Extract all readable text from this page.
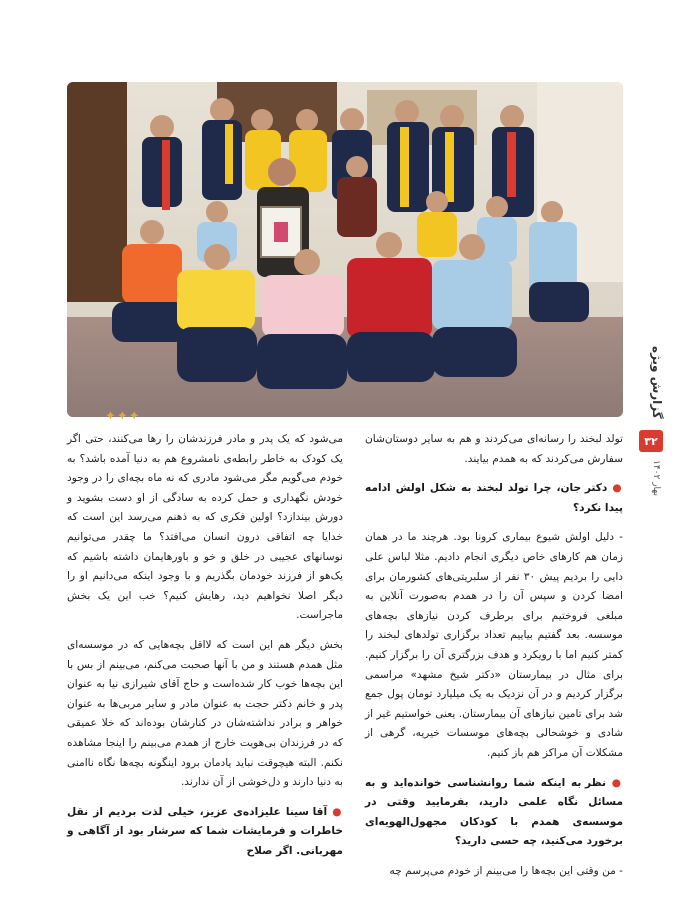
✦✦✦	گزارش ویژه
۳۲
بهار ۱۴۰۲

تولد لبخند را رسانه‌ای می‌کردند و هم به سایر دوستان‌شان سفارش می‌کردند که به همدم بیایند.

● دکتر جان، چرا تولد لبخند به شکل اولش ادامه پیدا نکرد؟

- دلیل اولش شیوع بیماری کرونا بود. هرچند ما در همان زمان هم کارهای خاص دیگری انجام دادیم. مثلا لباس علی دایی را بردیم پیش ۳۰ نفر از سلبریتی‌های کشورمان برای امضا کردن و سپس آن را در همدم به‌صورت آنلاین به مبلغی فروختیم برای برطرف کردن نیازهای بچه‌های موسسه. بعد گفتیم بیاییم تعداد برگزاری تولدهای لبخند را کمتر کنیم اما با رویکرد و هدف بزرگتری آن را برگزار کنیم. برای مثال در بیمارستان «دکتر شیخ مشهد» مراسمی برگزار کردیم و در آن نزدیک به یک میلیارد تومان پول جمع شد برای تامین نیازهای آن بیمارستان. یعنی خواستیم غیر از شادی و خوشحالی بچه‌های موسسات خیریه، گرهی از مشکلات آن مراکز هم باز کنیم.

● نظر به اینکه شما روانشناسی خوانده‌اید و به مسائل نگاه علمی دارید، بفرمایید وقتی در موسسه‌ی همدم با کودکان مجهول‌الهویه‌ای برخورد می‌کنید، چه حسی دارید؟

- من وقتی این بچه‌ها را می‌بینم از خودم می‌پرسم چه

می‌شود که یک پدر و مادر فرزندشان را رها می‌کنند، حتی اگر یک کودک به خاطر رابطه‌ی نامشروع هم به دنیا آمده باشد؟ به خودم می‌گویم مگر می‌شود مادری که نه ماه بچه‌ای را در وجود خودش نگهداری و حمل کرده به سادگی از او دست بشوید و دورش بیندازد؟ اولین فکری که به ذهنم می‌رسد این است که خدایا چه اتفاقی درون انسان می‌افتد؟ ما چقدر می‌توانیم نوسانهای عجیبی در خلق و خو و باورهایمان داشته باشیم که یک‌هو از فرزند خودمان بگذریم و با وجود اینکه می‌دانیم او را دیگر اصلا نخواهیم دید، رهایش کنیم؟ خب این یک بخش ماجراست.

بخش دیگر هم این است که لااقل بچه‌هایی که در موسسه‌ای مثل همدم هستند و من با آنها صحبت می‌کنم، می‌بینم از بس با این بچه‌ها خوب کار شده‌است و حاج آقای شیرازی نیا به عنوان پدر و خانم دکتر حجت به عنوان مادر و سایر مربی‌ها به عنوان خواهر و برادر نداشته‌شان در کنارشان بوده‌اند که خلا عمیقی که در فرزندان بی‌هویت خارج از همدم می‌بینم را اینجا مشاهده نکنم. البته هیچوقت نباید یادمان برود اینگونه بچه‌ها نگاه ناامنی به دنیا دارند و دل‌خوشی از آن ندارند.

● آقا سینا علیزاده‌ی عزیز، خیلی لذت بردیم از نقل خاطرات و فرمایشات شما که سرشار بود از آگاهی و مهربانی. اگر صلاح
